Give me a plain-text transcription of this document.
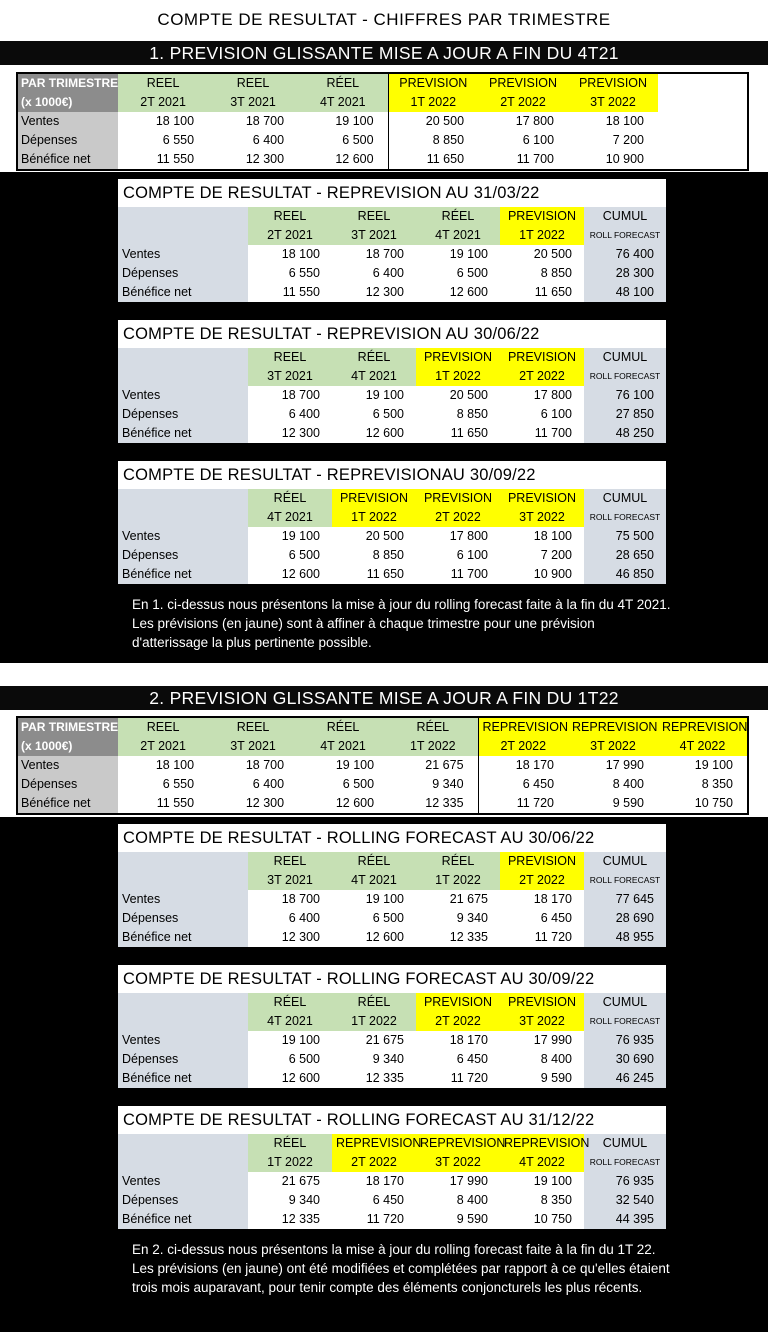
COMPTE DE RESULTAT - CHIFFRES PAR TRIMESTRE
1. PREVISION GLISSANTE MISE A JOUR A FIN DU 4T21
PAR TRIMESTRE	REEL	REEL	RÉEL	PREVISION	PREVISION	PREVISION	
(x 1000€)	2T 2021	3T 2021	4T 2021	1T 2022	2T 2022	3T 2022	
Ventes	18 100	18 700	19 100	20 500	17 800	18 100	
Dépenses	6 550	6 400	6 500	8 850	6 100	7 200	
Bénéfice net	11 550	12 300	12 600	11 650	11 700	10 900	
COMPTE DE RESULTAT - REPREVISION AU 31/03/22
	REEL	REEL	RÉEL	PREVISION	CUMUL
	2T 2021	3T 2021	4T 2021	1T 2022	ROLL FORECAST
Ventes	18 100	18 700	19 100	20 500	76 400
Dépenses	6 550	6 400	6 500	8 850	28 300
Bénéfice net	11 550	12 300	12 600	11 650	48 100
COMPTE DE RESULTAT - REPREVISION AU 30/06/22
	REEL	RÉEL	PREVISION	PREVISION	CUMUL
	3T 2021	4T 2021	1T 2022	2T 2022	ROLL FORECAST
Ventes	18 700	19 100	20 500	17 800	76 100
Dépenses	6 400	6 500	8 850	6 100	27 850
Bénéfice net	12 300	12 600	11 650	11 700	48 250
COMPTE DE RESULTAT - REPREVISIONAU 30/09/22
	RÉEL	PREVISION	PREVISION	PREVISION	CUMUL
	4T 2021	1T 2022	2T 2022	3T 2022	ROLL FORECAST
Ventes	19 100	20 500	17 800	18 100	75 500
Dépenses	6 500	8 850	6 100	7 200	28 650
Bénéfice net	12 600	11 650	11 700	10 900	46 850
En 1. ci-dessus nous présentons la mise à jour du rolling forecast faite à la fin du 4T 2021. Les prévisions (en jaune) sont à affiner à chaque trimestre pour une prévision d'atterissage la plus pertinente possible.
2. PREVISION GLISSANTE MISE A JOUR A FIN DU 1T22
PAR TRIMESTRE	REEL	REEL	RÉEL	RÉEL	REPREVISION	REPREVISION	REPREVISION
(x 1000€)	2T 2021	3T 2021	4T 2021	1T 2022	2T 2022	3T 2022	4T 2022
Ventes	18 100	18 700	19 100	21 675	18 170	17 990	19 100
Dépenses	6 550	6 400	6 500	9 340	6 450	8 400	8 350
Bénéfice net	11 550	12 300	12 600	12 335	11 720	9 590	10 750
COMPTE DE RESULTAT - ROLLING FORECAST AU 30/06/22
	REEL	RÉEL	RÉEL	PREVISION	CUMUL
	3T 2021	4T 2021	1T 2022	2T 2022	ROLL FORECAST
Ventes	18 700	19 100	21 675	18 170	77 645
Dépenses	6 400	6 500	9 340	6 450	28 690
Bénéfice net	12 300	12 600	12 335	11 720	48 955
COMPTE DE RESULTAT - ROLLING FORECAST AU 30/09/22
	RÉEL	RÉEL	PREVISION	PREVISION	CUMUL
	4T 2021	1T 2022	2T 2022	3T 2022	ROLL FORECAST
Ventes	19 100	21 675	18 170	17 990	76 935
Dépenses	6 500	9 340	6 450	8 400	30 690
Bénéfice net	12 600	12 335	11 720	9 590	46 245
COMPTE DE RESULTAT - ROLLING FORECAST AU 31/12/22
	RÉEL	REPREVISION	REPREVISION	REPREVISION	CUMUL
	1T 2022	2T 2022	3T 2022	4T 2022	ROLL FORECAST
Ventes	21 675	18 170	17 990	19 100	76 935
Dépenses	9 340	6 450	8 400	8 350	32 540
Bénéfice net	12 335	11 720	9 590	10 750	44 395
En 2. ci-dessus nous présentons la mise à jour du rolling forecast faite à la fin du 1T 22. Les prévisions (en jaune) ont été modifiées et complétées par rapport à ce qu'elles étaient trois mois auparavant, pour tenir compte des éléments conjoncturels les plus récents.
